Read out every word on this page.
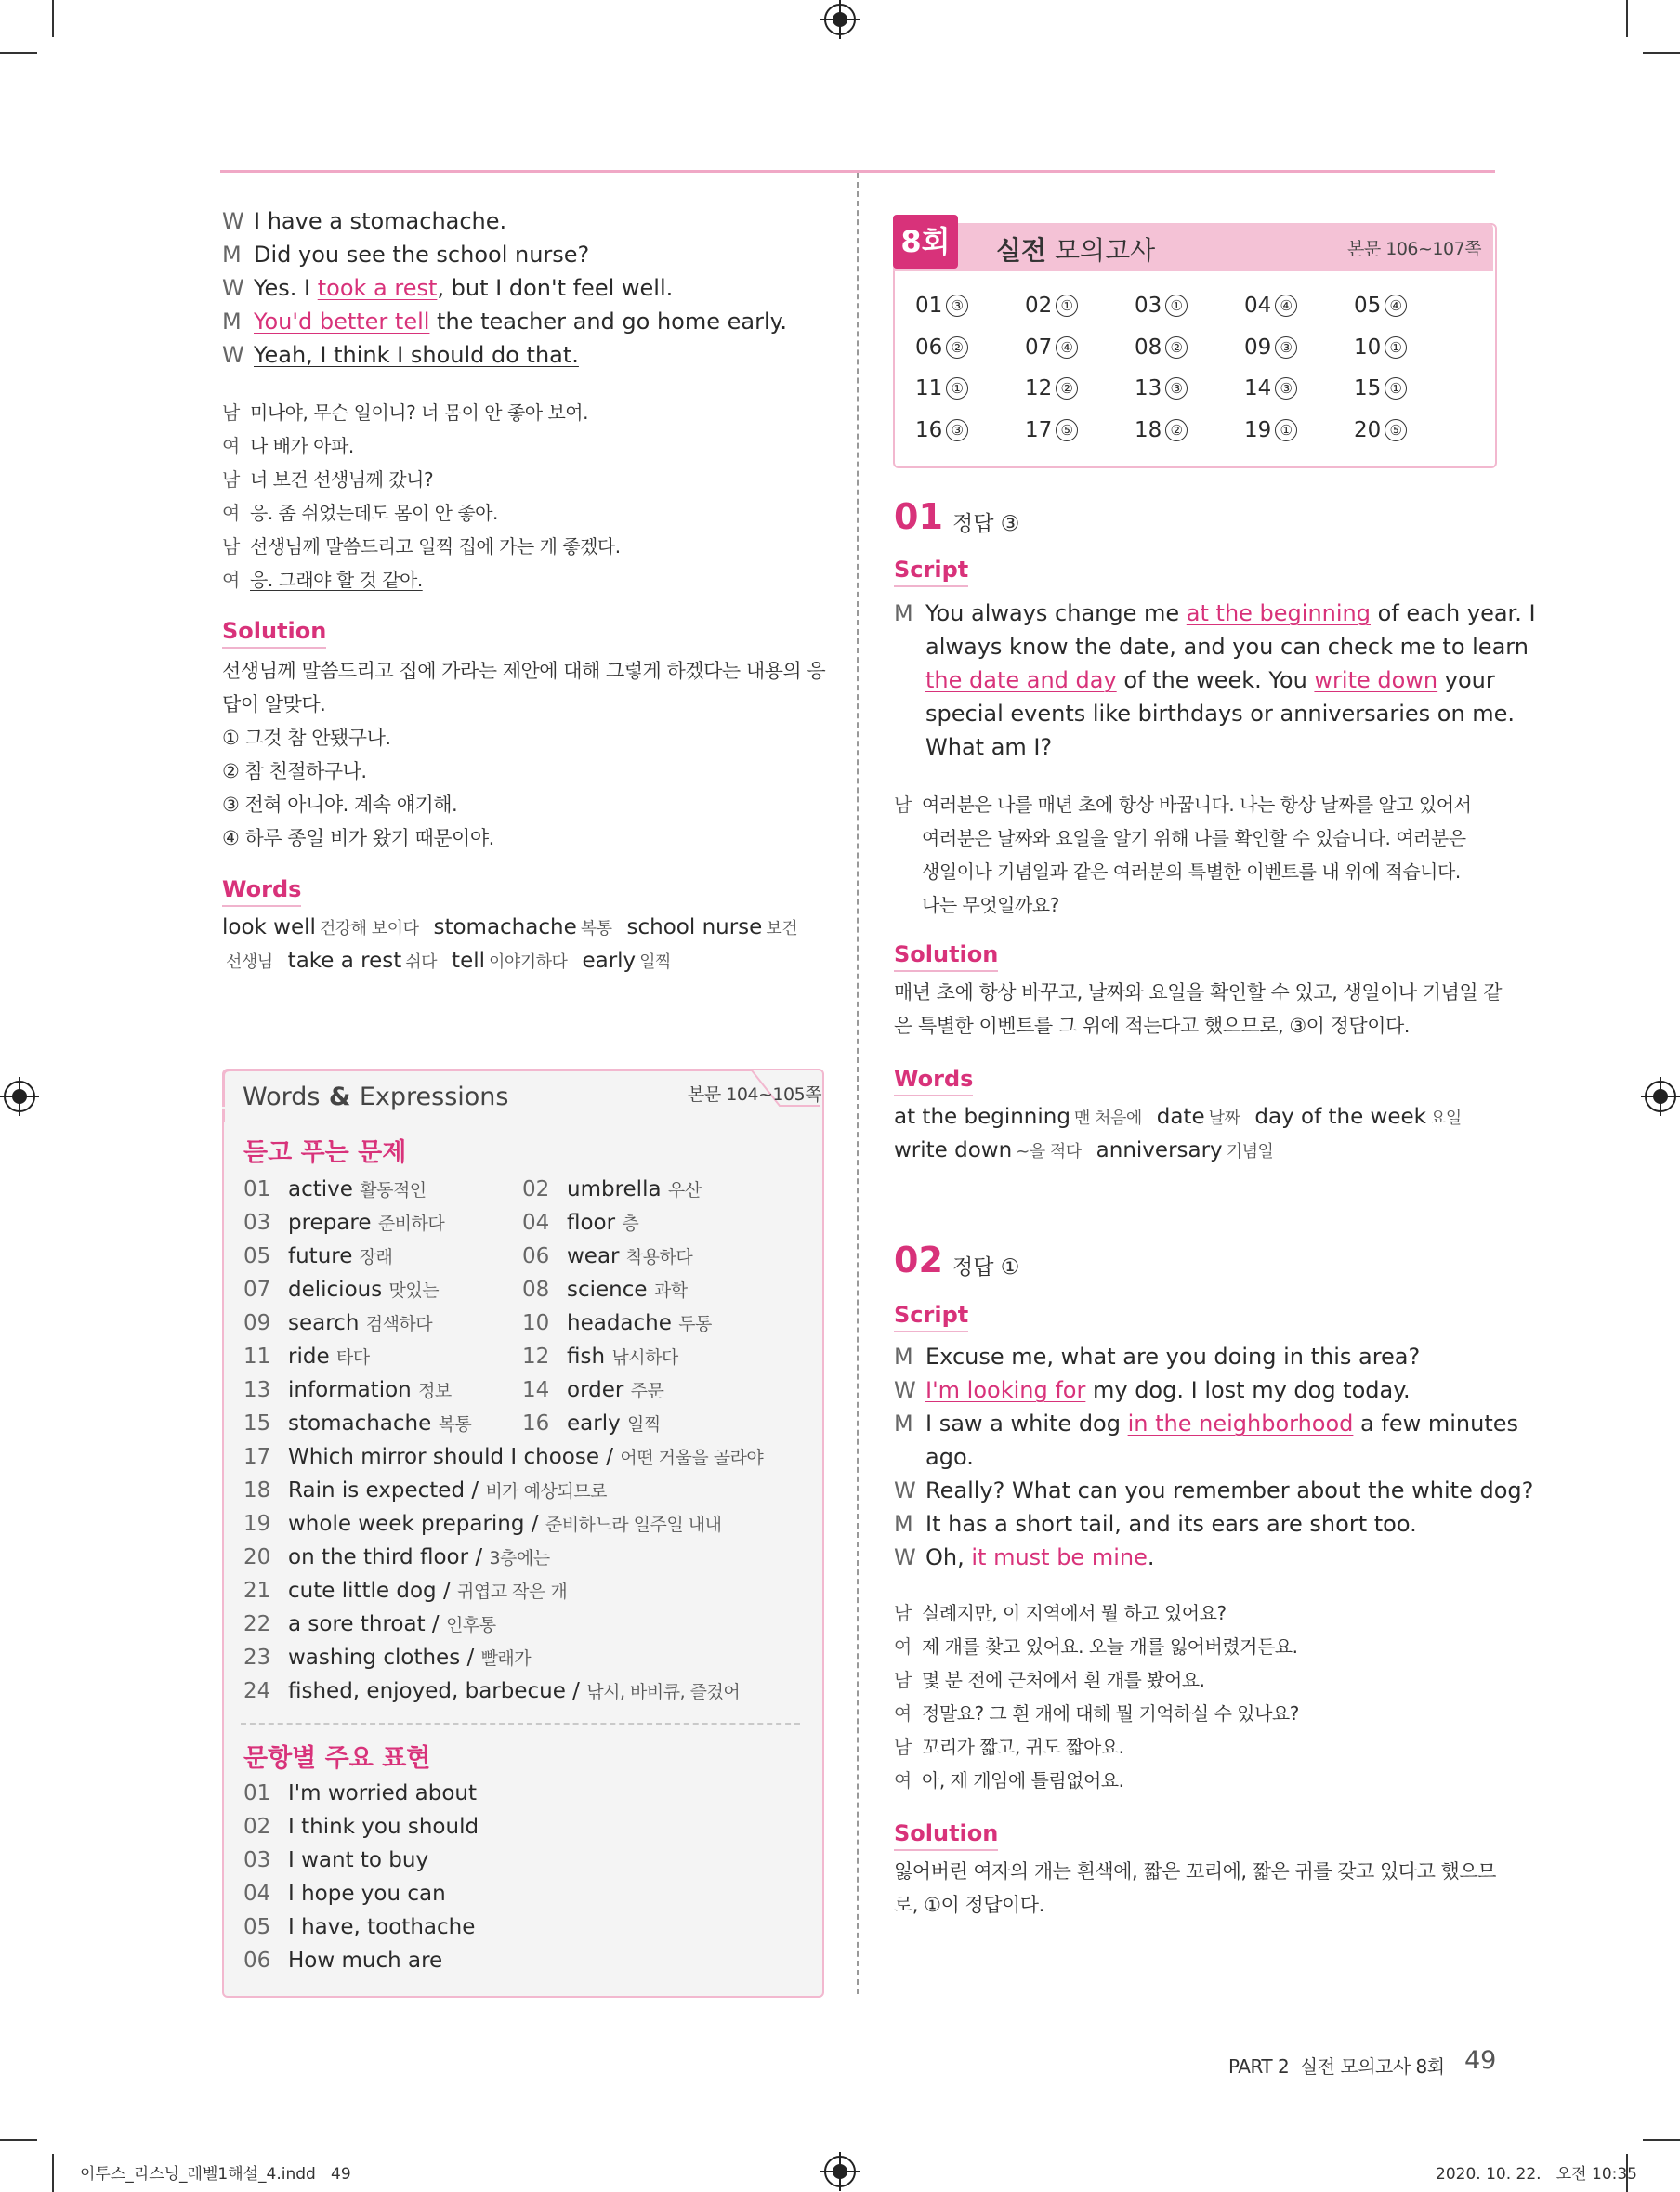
W I have a stomachache.
M Did you see the school nurse?
W Yes. I took a rest, but I don't feel well.
M You'd better tell the teacher and go home early.
W Yeah, I think I should do that.
남 미나야, 무슨 일이니? 너 몸이 안 좋아 보여.
여 나 배가 아파.
남 너 보건 선생님께 갔니?
여 응. 좀 쉬었는데도 몸이 안 좋아.
남 선생님께 말씀드리고 일찍 집에 가는 게 좋겠다.
여 응. 그래야 할 것 같아.
Solution
선생님께 말씀드리고 집에 가라는 제안에 대해 그렇게 하겠다는 내용의 응
답이 알맞다.
① 그것 참 안됐구나.
② 참 친절하구나.
③ 전혀 아니야. 계속 얘기해.
④ 하루 종일 비가 왔기 때문이야.
Words
look well 건강해 보이다 stomachache 복통 school nurse 보건
선생님 take a rest 쉬다 tell 이야기하다 early 일찍
Words & Expressions	본문 104~105쪽
듣고 푸는 문제
01 active 활동적인	02 umbrella 우산
03 prepare 준비하다	04 floor 층
05 future 장래	06 wear 착용하다
07 delicious 맛있는	08 science 과학
09 search 검색하다	10 headache 두통
11 ride 타다	12 fish 낚시하다
13 information 정보	14 order 주문
15 stomachache 복통 16 early 일찍
17 Which mirror should I choose / 어떤 거울을 골라야
18 Rain is expected / 비가 예상되므로
19 whole week preparing / 준비하느라 일주일 내내
20 on the third floor / 3층에는
21 cute little dog / 귀엽고 작은 개
22 a sore throat / 인후통
23 washing clothes / 빨래가
24 fished, enjoyed, barbecue / 낚시, 바비큐, 즐겼어
문항별 주요 표현
01 I'm worried about
02 I think you should
03 I want to buy
04 I hope you can
05 I have, toothache
06 How much are
8회	실전 모의고사	본문 106~107쪽
01 ③	02 ①	03 ①	04 ④	05 ④
06 ②	07 ④	08 ②	09 ③	10 ①
11 ①	12 ②	13 ③	14 ③	15 ①
16 ③	17 ⑤	18 ②	19 ①	20 ⑤
01 정답 ③
Script
M You always change me at the beginning of each year. I
always know the date, and you can check me to learn
the date and day of the week. You write down your
special events like birthdays or anniversaries on me.
What am I?
남 여러분은 나를 매년 초에 항상 바꿉니다. 나는 항상 날짜를 알고 있어서
여러분은 날짜와 요일을 알기 위해 나를 확인할 수 있습니다. 여러분은
생일이나 기념일과 같은 여러분의 특별한 이벤트를 내 위에 적습니다.
나는 무엇일까요?
Solution
매년 초에 항상 바꾸고, 날짜와 요일을 확인할 수 있고, 생일이나 기념일 같
은 특별한 이벤트를 그 위에 적는다고 했으므로, ③이 정답이다.
Words
at the beginning 맨 처음에 date 날짜 day of the week 요일
write down ~을 적다 anniversary 기념일
02 정답 ①
Script
M Excuse me, what are you doing in this area?
W I'm looking for my dog. I lost my dog today.
M I saw a white dog in the neighborhood a few minutes
ago.
W Really? What can you remember about the white dog?
M It has a short tail, and its ears are short too.
W Oh, it must be mine.
남 실례지만, 이 지역에서 뭘 하고 있어요?
여 제 개를 찾고 있어요. 오늘 개를 잃어버렸거든요.
남 몇 분 전에 근처에서 흰 개를 봤어요.
여 정말요? 그 흰 개에 대해 뭘 기억하실 수 있나요?
남 꼬리가 짧고, 귀도 짧아요.
여 아, 제 개임에 틀림없어요.
Solution
잃어버린 여자의 개는 흰색에, 짧은 꼬리에, 짧은 귀를 갖고 있다고 했으므
로, ①이 정답이다.
PART 2  실전 모의고사 8회 49
이투스_리스닝_레벨1해설_4.indd   49	2020. 10. 22.   오전 10:35
